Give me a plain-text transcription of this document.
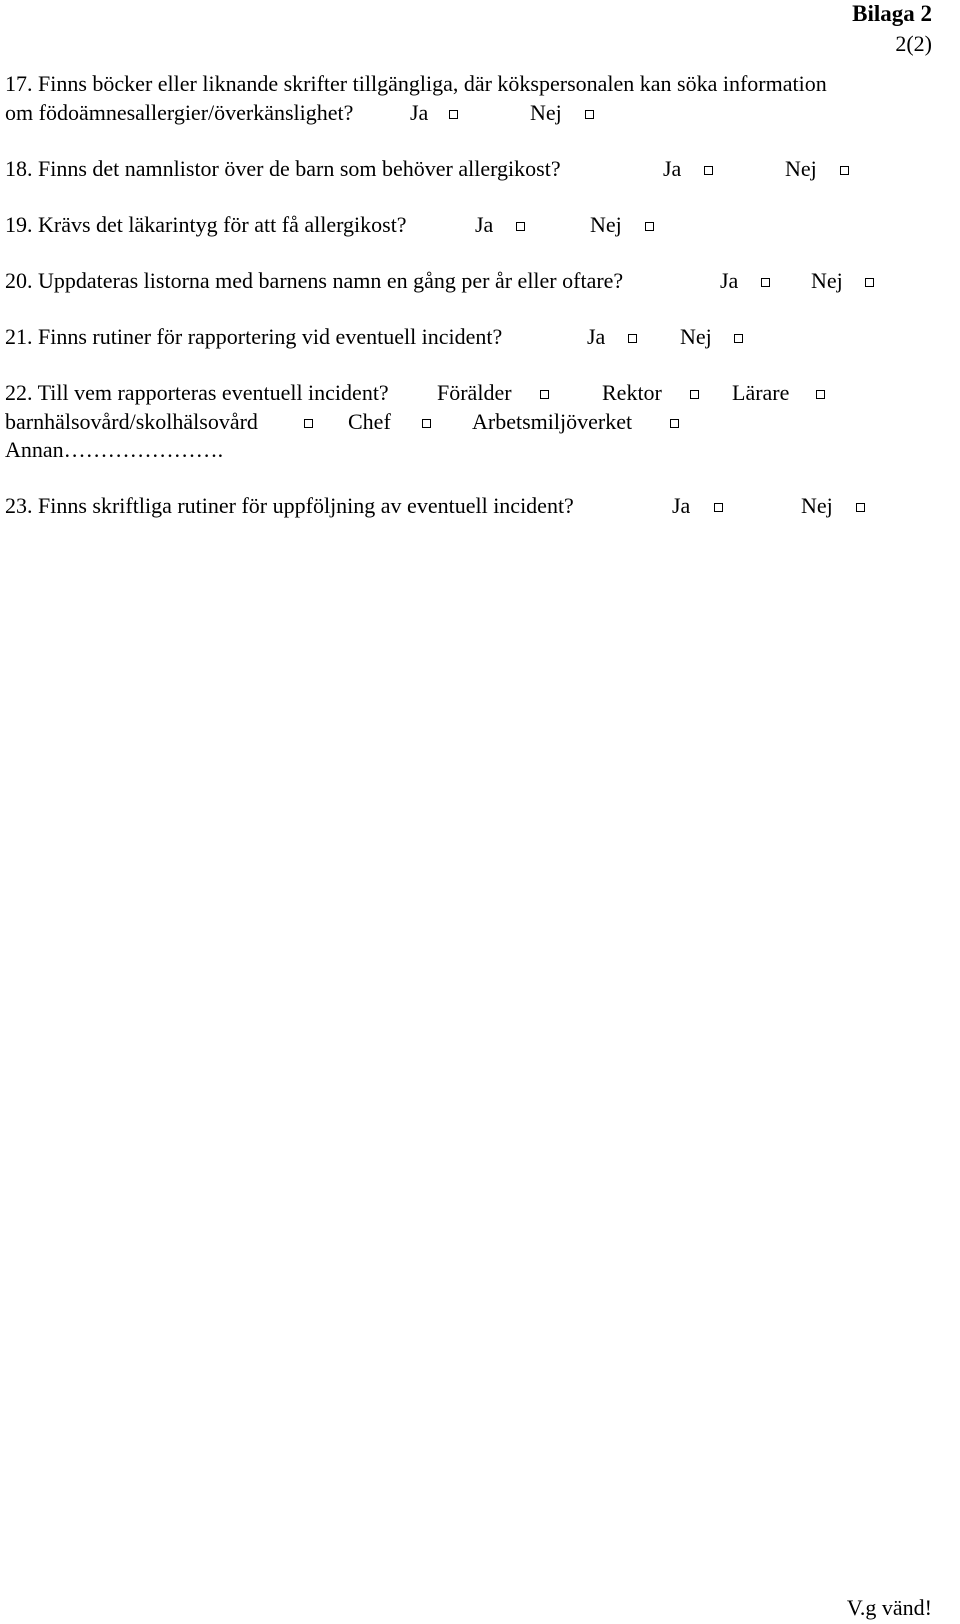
Bilaga 2
2(2)
17. Finns böcker eller liknande skrifter tillgängliga, där kökspersonalen kan söka information
om födoämnesallergier/överkänslighet?	Ja	Nej
18. Finns det namnlistor över de barn som behöver allergikost?	Ja	Nej
19. Krävs det läkarintyg för att få allergikost?	Ja	Nej
20. Uppdateras listorna med barnens namn en gång per år eller oftare?	Ja	Nej
21. Finns rutiner för rapportering vid eventuell incident?	Ja	Nej
22. Till vem rapporteras eventuell incident? Förälder	Rektor	Lärare
barnhälsovård/skolhälsovård	Chef	Arbetsmiljöverket
Annan………………….
23. Finns skriftliga rutiner för uppföljning av eventuell incident?	Ja	Nej
V.g vänd!
